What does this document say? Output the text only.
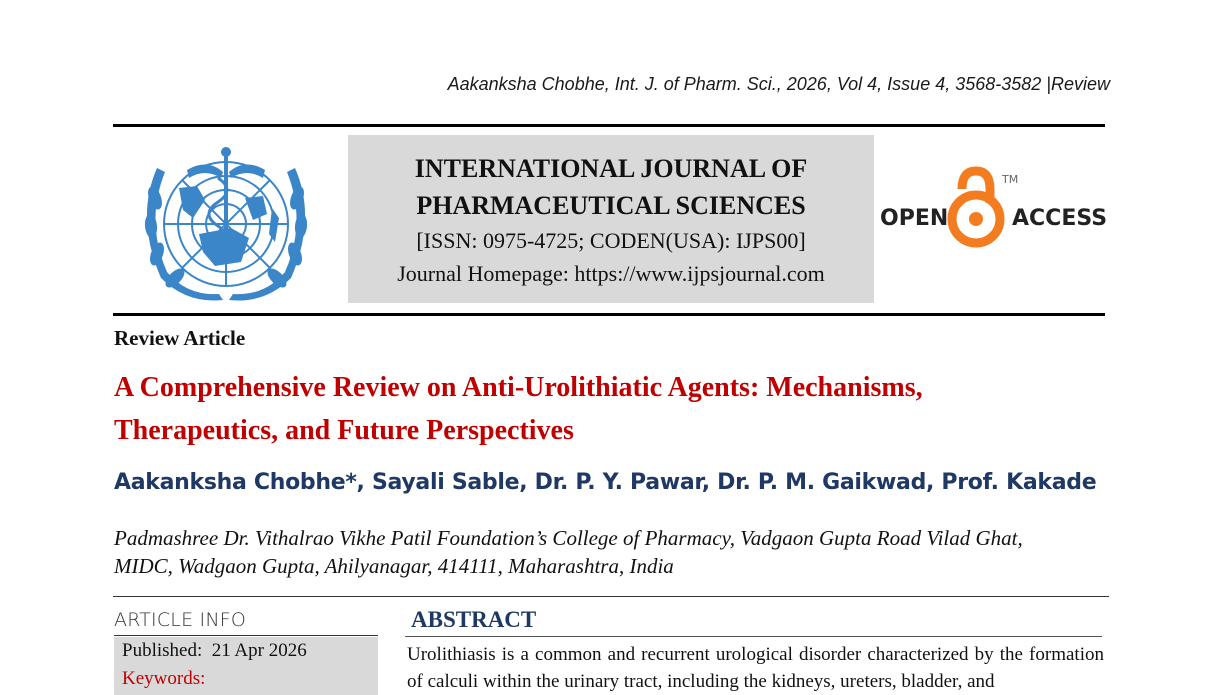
Aakanksha Chobhe, Int. J. of Pharm. Sci., 2026, Vol 4, Issue 4, 3568-3582 |Review
INTERNATIONAL JOURNAL OF
PHARMACEUTICAL SCIENCES
[ISSN: 0975-4725; CODEN(USA): IJPS00]
Journal Homepage: https://www.ijpsjournal.com
OPEN
TM
ACCESS
Review Article
A Comprehensive Review on Anti-Urolithiatic Agents: Mechanisms,
Therapeutics, and Future Perspectives
Aakanksha Chobhe*, Sayali Sable, Dr. P. Y. Pawar, Dr. P. M. Gaikwad, Prof. Kakade
Padmashree Dr. Vithalrao Vikhe Patil Foundation’s College of Pharmacy, Vadgaon Gupta Road Vilad Ghat,
MIDC, Wadgaon Gupta, Ahilyanagar, 414111, Maharashtra, India
ARTICLE INFO
Published:  21 Apr 2026
Keywords:
ABSTRACT
Urolithiasis is a common and recurrent urological disorder characterized by the formation of calculi within the urinary tract, including the kidneys, ureters, bladder, and
